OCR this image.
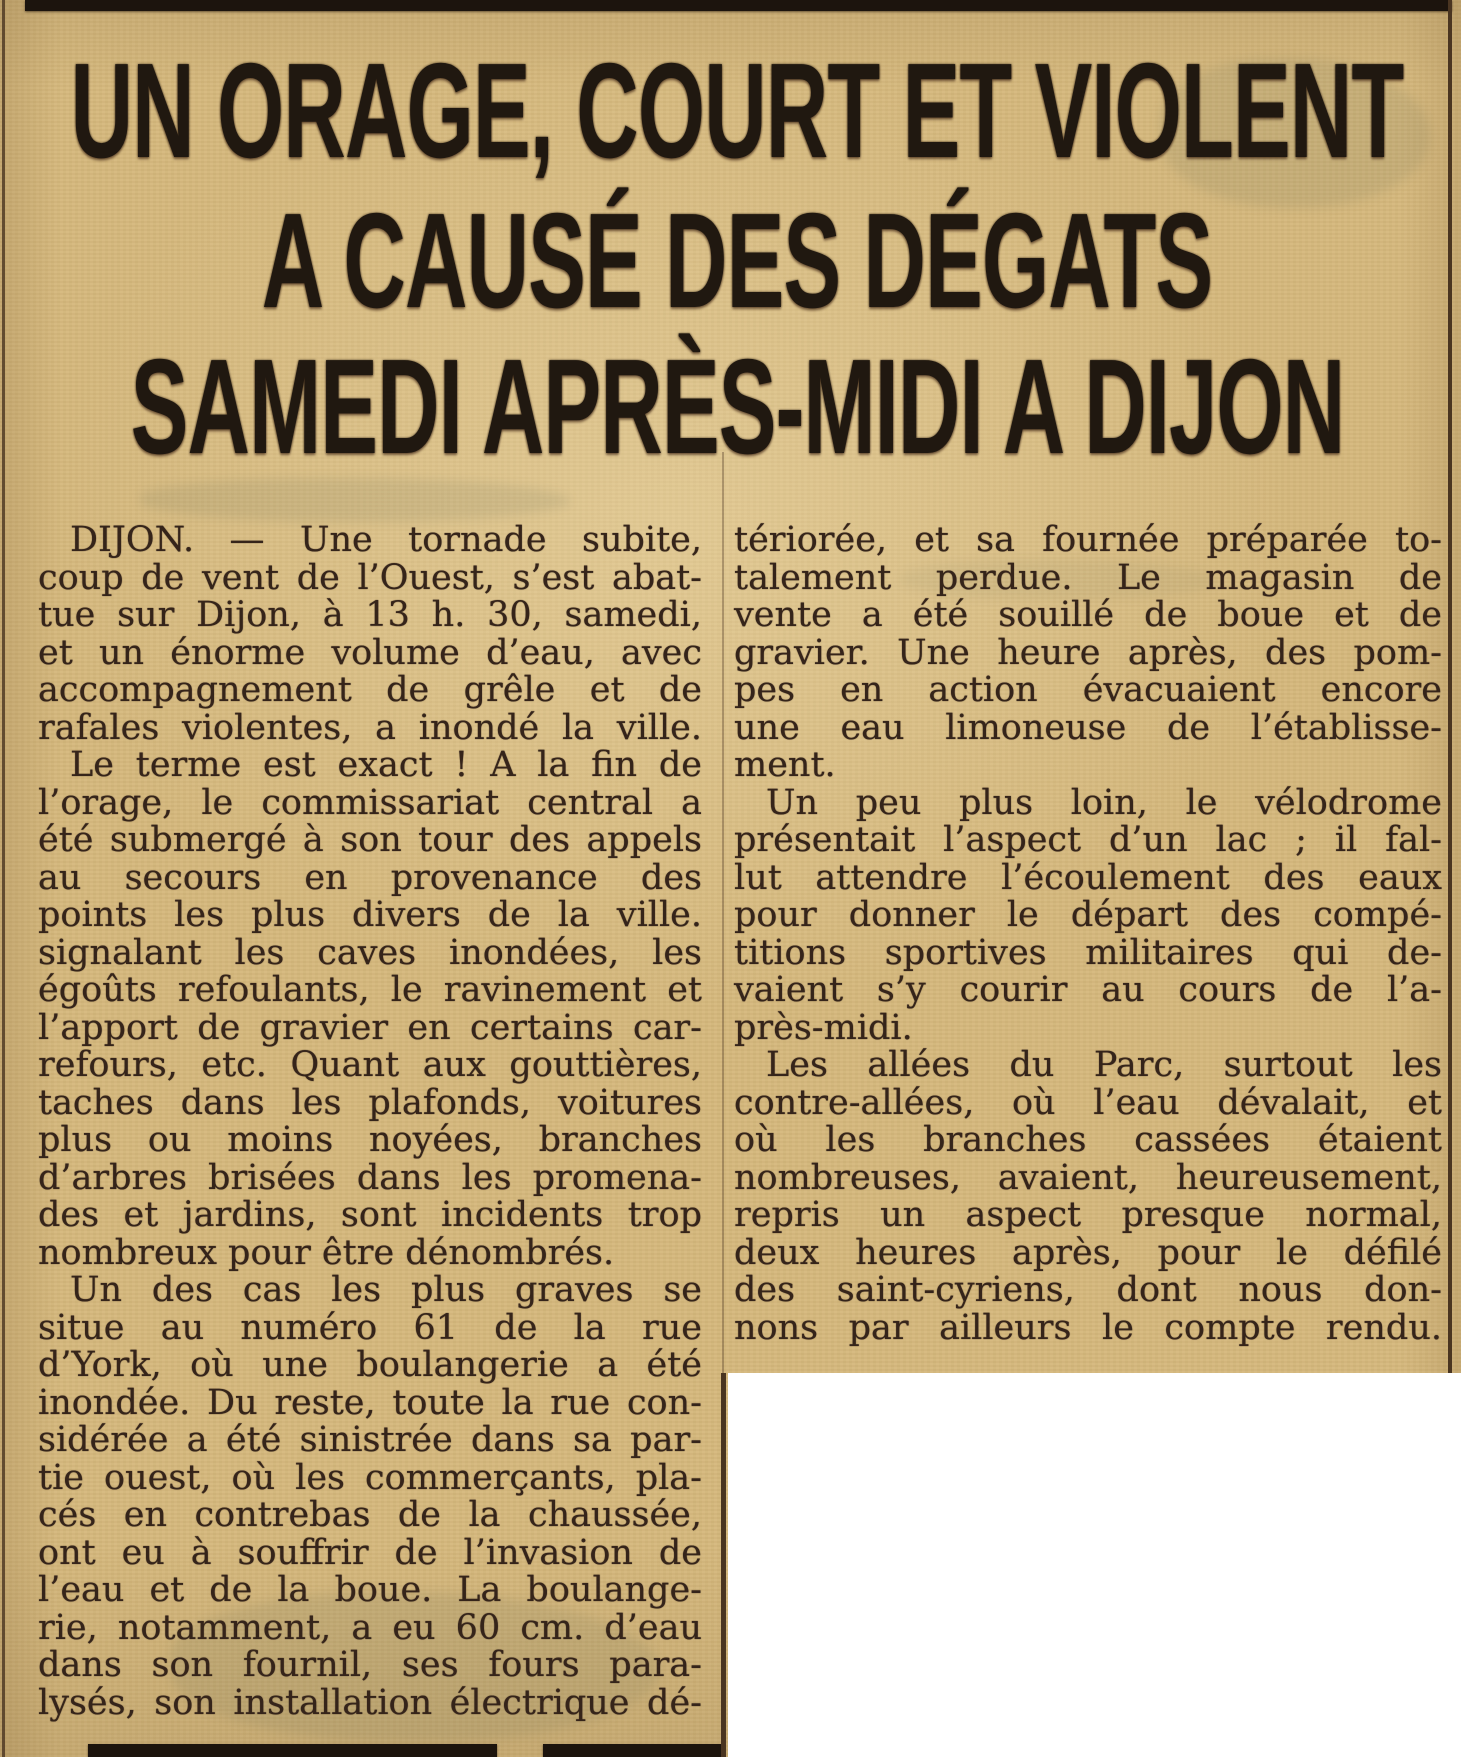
UN ORAGE, COURT ET VIOLENT
A CAUSÉ DES DÉGATS
SAMEDI APRÈS-MIDI A DIJON
DIJON. — Une tornade subite,
coup de vent de l’Ouest, s’est abat-
tue sur Dijon, à 13 h. 30, samedi,
et un énorme volume d’eau, avec
accompagnement de grêle et de
rafales violentes, a inondé la ville.
Le terme est exact ! A la fin de
l’orage, le commissariat central a
été submergé à son tour des appels
au secours en provenance des
points les plus divers de la ville.
signalant les caves inondées, les
égoûts refoulants, le ravinement et
l’apport de gravier en certains car-
refours, etc. Quant aux gouttières,
taches dans les plafonds, voitures
plus ou moins noyées, branches
d’arbres brisées dans les promena-
des et jardins, sont incidents trop
nombreux pour être dénombrés.
Un des cas les plus graves se
situe au numéro 61 de la rue
d’York, où une boulangerie a été
inondée. Du reste, toute la rue con-
sidérée a été sinistrée dans sa par-
tie ouest, où les commerçants, pla-
cés en contrebas de la chaussée,
ont eu à souffrir de l’invasion de
l’eau et de la boue. La boulange-
rie, notamment, a eu 60 cm. d’eau
dans son fournil, ses fours para-
lysés, son installation électrique dé-
tériorée, et sa fournée préparée to-
talement perdue. Le magasin de
vente a été souillé de boue et de
gravier. Une heure après, des pom-
pes en action évacuaient encore
une eau limoneuse de l’établisse-
ment.
Un peu plus loin, le vélodrome
présentait l’aspect d’un lac ; il fal-
lut attendre l’écoulement des eaux
pour donner le départ des compé-
titions sportives militaires qui de-
vaient s’y courir au cours de l’a-
près-midi.
Les allées du Parc, surtout les
contre-allées, où l’eau dévalait, et
où les branches cassées étaient
nombreuses, avaient, heureusement,
repris un aspect presque normal,
deux heures après, pour le défilé
des saint-cyriens, dont nous don-
nons par ailleurs le compte rendu.
